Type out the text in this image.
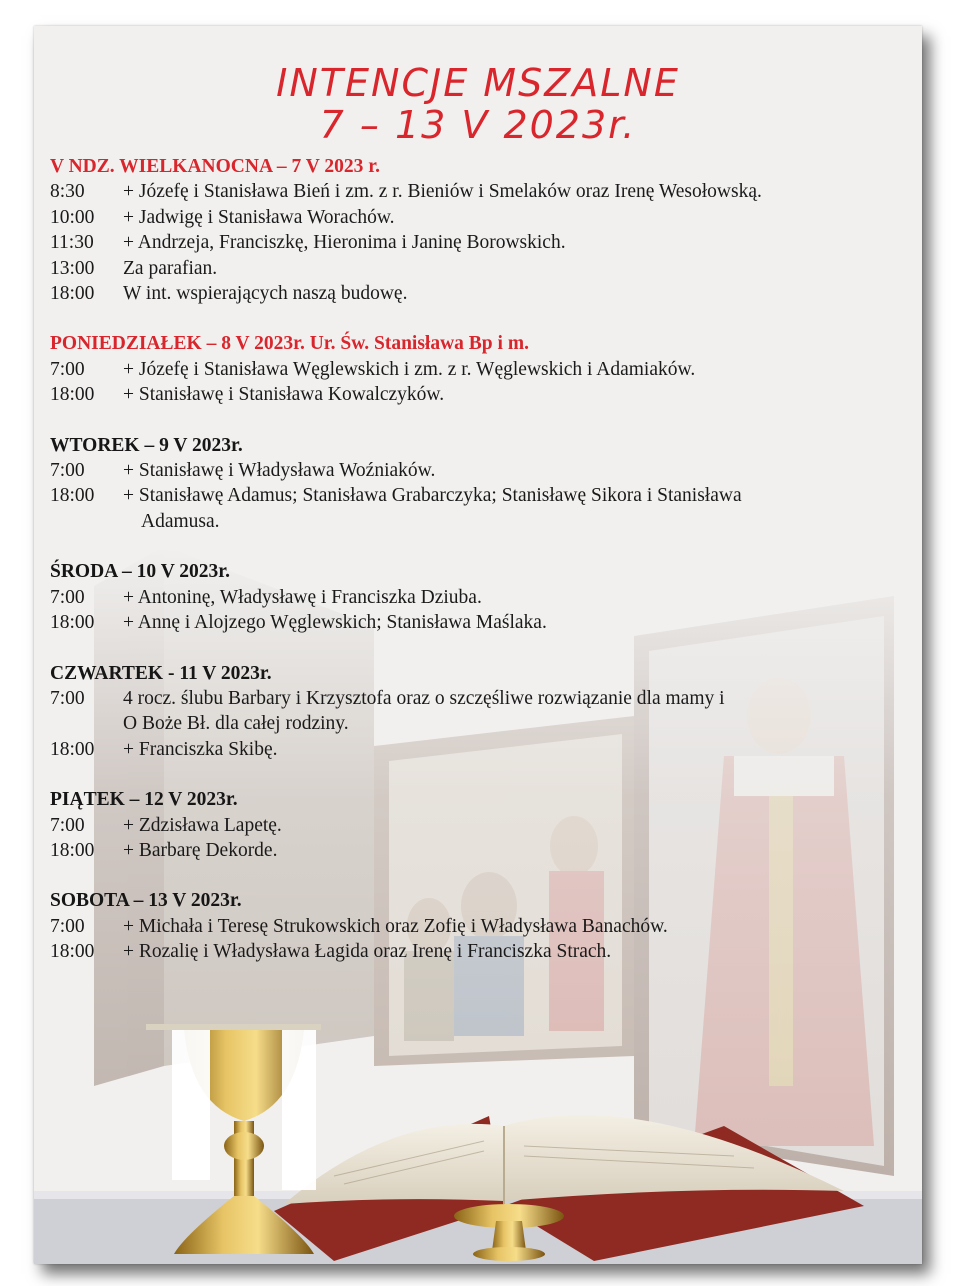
INTENCJE MSZALNE
7 – 13 V 2023r.
V NDZ. WIELKANOCNA – 7 V 2023 r.
8:30	+ Józefę i Stanisława Bień i zm. z r. Bieniów i Smelaków oraz Irenę Wesołowską.
10:00	+ Jadwigę i Stanisława Worachów.
11:30	+ Andrzeja, Franciszkę, Hieronima i Janinę Borowskich.
13:00	Za parafian.
18:00	W int. wspierających naszą budowę.
PONIEDZIAŁEK – 8 V 2023r. Ur. Św. Stanisława Bp i m.
7:00	+ Józefę i Stanisława Węglewskich i zm. z r. Węglewskich i Adamiaków.
18:00	+ Stanisławę i Stanisława Kowalczyków.
WTOREK – 9 V 2023r.
7:00	+ Stanisławę i Władysława Woźniaków.
18:00	+ Stanisławę Adamus; Stanisława Grabarczyka; Stanisławę Sikora i Stanisława
Adamusa.
ŚRODA – 10 V 2023r.
7:00	+ Antoninę, Władysławę i Franciszka Dziuba.
18:00	+ Annę i Alojzego Węglewskich; Stanisława Maślaka.
CZWARTEK - 11 V 2023r.
7:00	4 rocz. ślubu Barbary i Krzysztofa oraz o szczęśliwe rozwiązanie dla mamy i
O Boże Bł. dla całej rodziny.
18:00	+ Franciszka Skibę.
PIĄTEK – 12 V 2023r.
7:00	+ Zdzisława Lapetę.
18:00	+ Barbarę Dekorde.
SOBOTA – 13 V 2023r.
7:00	+ Michała i Teresę Strukowskich oraz Zofię i Władysława Banachów.
18:00	+ Rozalię i Władysława Łagida oraz Irenę i Franciszka Strach.
